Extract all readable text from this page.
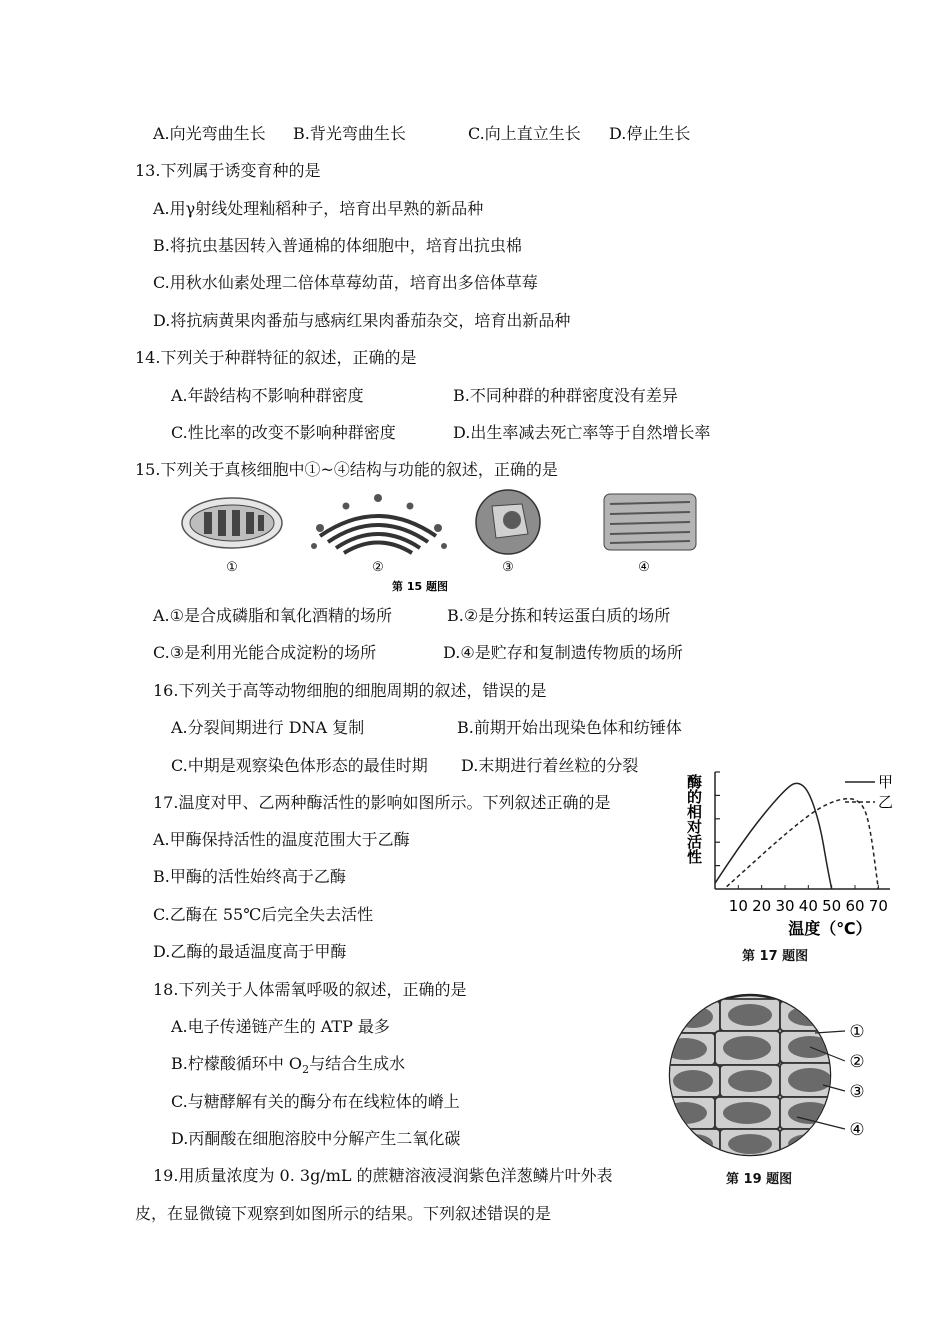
A.向光弯曲生长 B.背光弯曲生长	C.向上直立生长 D.停止生长
13.下列属于诱变育种的是
A.用γ射线处理籼稻种子，培育出早熟的新品种
B.将抗虫基因转入普通棉的体细胞中，培育出抗虫棉
C.用秋水仙素处理二倍体草莓幼苗，培育出多倍体草莓
D.将抗病黄果肉番茄与感病红果肉番茄杂交，培育出新品种
14.下列关于种群特征的叙述，正确的是
A.年龄结构不影响种群密度	B.不同种群的种群密度没有差异
C.性比率的改变不影响种群密度	D.出生率减去死亡率等于自然增长率
15.下列关于真核细胞中①~④结构与功能的叙述，正确的是
①	②	③	④
第 15 题图
A.①是合成磷脂和氧化酒精的场所	B.②是分拣和转运蛋白质的场所
C.③是利用光能合成淀粉的场所	D.④是贮存和复制遗传物质的场所
16.下列关于高等动物细胞的细胞周期的叙述，错误的是
A.分裂间期进行 DNA 复制	B.前期开始出现染色体和纺锤体
C.中期是观察染色体形态的最佳时期 D.末期进行着丝粒的分裂
17.温度对甲、乙两种酶活性的影响如图所示。下列叙述正确的是
A.甲酶保持活性的温度范围大于乙酶
B.甲酶的活性始终高于乙酶
C.乙酶在 55℃后完全失去活性
D.乙酶的最适温度高于甲酶
酶的相对活性
10 20 30 40 50 60 70
甲
乙
温度（℃）
第 17 题图
18.下列关于人体需氧呼吸的叙述，正确的是
A.电子传递链产生的 ATP 最多
B.柠檬酸循环中 $O_2$与结合生成水
C.与糖酵解有关的酶分布在线粒体的嵴上
D.丙酮酸在细胞溶胶中分解产生二氧化碳
①
②
③
④
第 19 题图
19.用质量浓度为 0. 3g/mL 的蔗糖溶液浸润紫色洋葱鳞片叶外表
皮，在显微镜下观察到如图所示的结果。下列叙述错误的是
